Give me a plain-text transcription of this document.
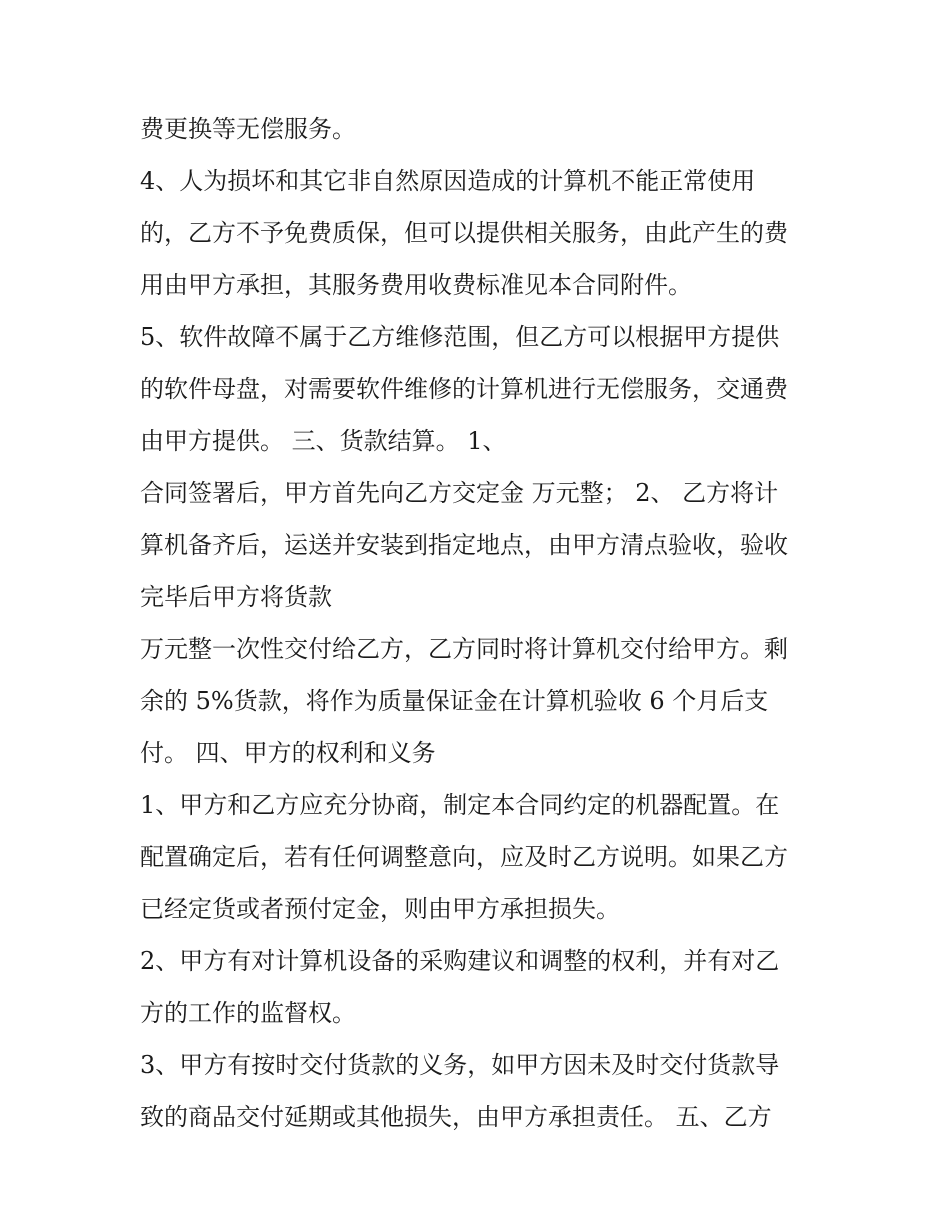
费更换等无偿服务。
4、人为损坏和其它非自然原因造成的计算机不能正常使用
的，乙方不予免费质保，但可以提供相关服务，由此产生的费
用由甲方承担，其服务费用收费标准见本合同附件。
5、软件故障不属于乙方维修范围，但乙方可以根据甲方提供
的软件母盘，对需要软件维修的计算机进行无偿服务，交通费
由甲方提供。 三、货款结算。 1、
合同签署后，甲方首先向乙方交定金 万元整； 2、 乙方将计
算机备齐后，运送并安装到指定地点，由甲方清点验收，验收
完毕后甲方将货款
万元整一次性交付给乙方，乙方同时将计算机交付给甲方。剩
余的 5%货款，将作为质量保证金在计算机验收 6 个月后支
付。 四、甲方的权利和义务
1、甲方和乙方应充分协商，制定本合同约定的机器配置。在
配置确定后，若有任何调整意向，应及时乙方说明。如果乙方
已经定货或者预付定金，则由甲方承担损失。
2、甲方有对计算机设备的采购建议和调整的权利，并有对乙
方的工作的监督权。
3、甲方有按时交付货款的义务，如甲方因未及时交付货款导
致的商品交付延期或其他损失，由甲方承担责任。 五、乙方
